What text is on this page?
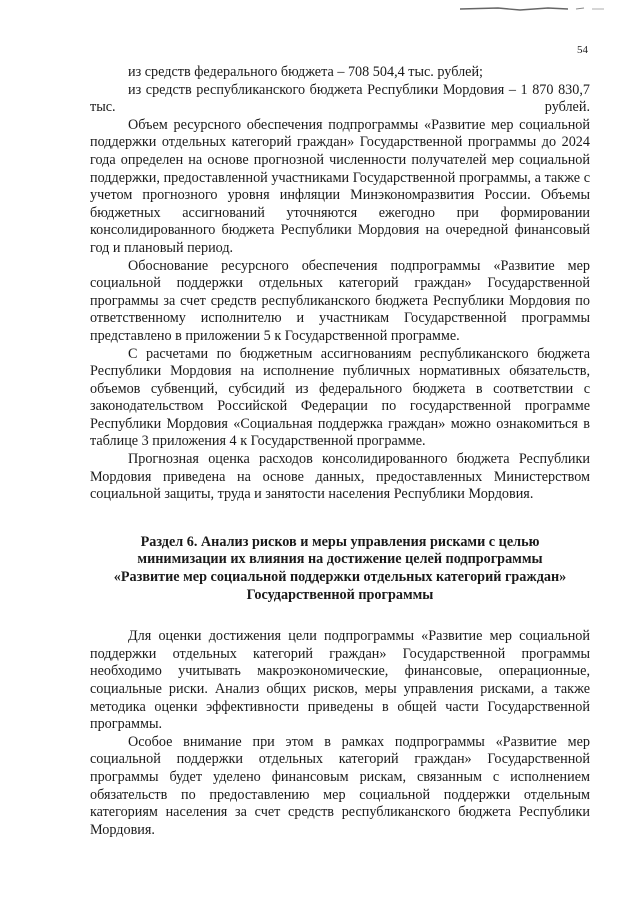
54

из средств федерального бюджета – 708 504,4 тыс. рублей;

из средств республиканского бюджета Республики Мордовия – 1 870 830,7 тыс. рублей.

Объем ресурсного обеспечения подпрограммы «Развитие мер социальной поддержки отдельных категорий граждан» Государственной программы до 2024 года определен на основе прогнозной численности получателей мер социальной поддержки, предоставленной участниками Государственной программы, а также с учетом прогнозного уровня инфляции Минэкономразвития России. Объемы бюджетных ассигнований уточняются ежегодно при формировании консолидированного бюджета Республики Мордовия на очередной финансовый год и плановый период.

Обоснование ресурсного обеспечения подпрограммы «Развитие мер социальной поддержки отдельных категорий граждан» Государственной программы за счет средств республиканского бюджета Республики Мордовия по ответственному исполнителю и участникам Государственной программы представлено в приложении 5 к Государственной программе.

С расчетами по бюджетным ассигнованиям республиканского бюджета Республики Мордовия на исполнение публичных нормативных обязательств, объемов субвенций, субсидий из федерального бюджета в соответствии с законодательством Российской Федерации по государственной программе Республики Мордовия «Социальная поддержка граждан» можно ознакомиться в таблице 3 приложения 4 к Государственной программе.

Прогнозная оценка расходов консолидированного бюджета Республики Мордовия приведена на основе данных, предоставленных Министерством социальной защиты, труда и занятости населения Республики Мордовия.

Раздел 6. Анализ рисков и меры управления рисками с целью
минимизации их влияния на достижение целей подпрограммы
«Развитие мер социальной поддержки отдельных категорий граждан»
Государственной программы

Для оценки достижения цели подпрограммы «Развитие мер социальной поддержки отдельных категорий граждан» Государственной программы необходимо учитывать макроэкономические, финансовые, операционные, социальные риски. Анализ общих рисков, меры управления рисками, а также методика оценки эффективности приведены в общей части Государственной программы.

Особое внимание при этом в рамках подпрограммы «Развитие мер социальной поддержки отдельных категорий граждан» Государственной программы будет уделено финансовым рискам, связанным с исполнением обязательств по предоставлению мер социальной поддержки отдельным категориям населения за счет средств республиканского бюджета Республики Мордовия.
